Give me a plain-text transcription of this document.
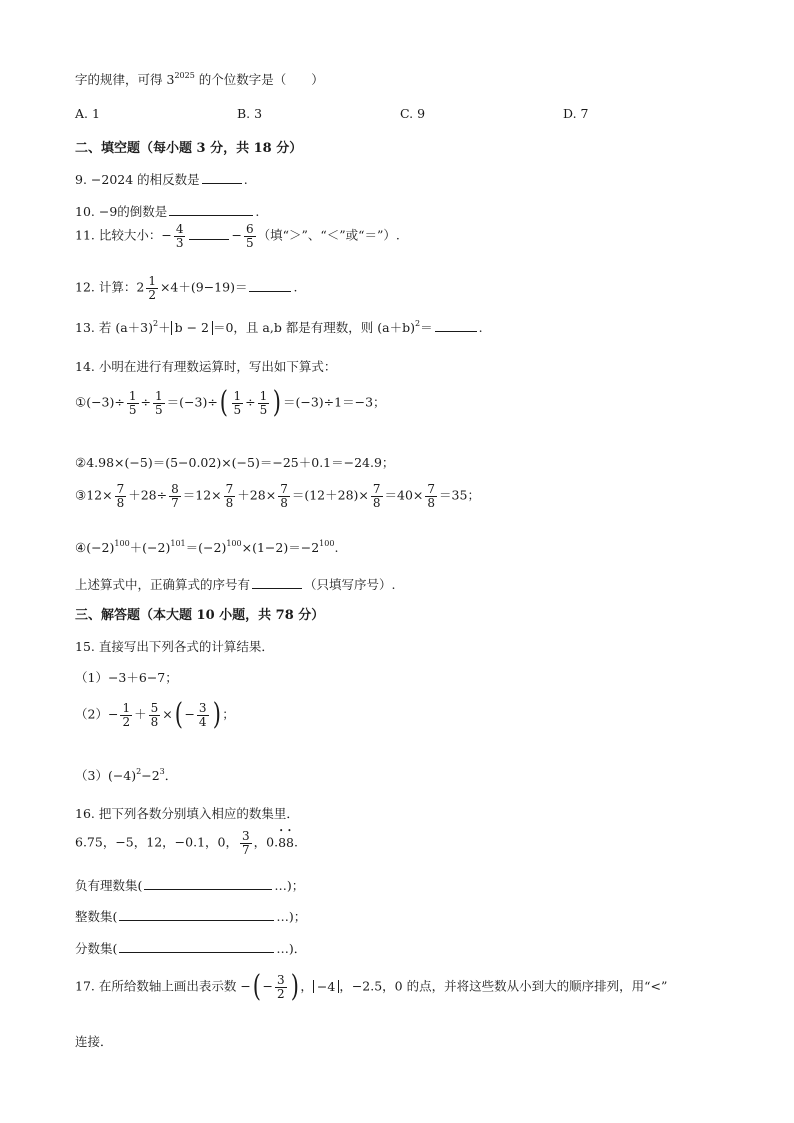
字的规律，可得 $3^{2025}$ 的个位数字是（　　）
A. 1	B. 3	C. 9	D. 7
二、填空题（每小题 3 分，共 18 分）
9. −2024 的相反数是	.
10. −9的倒数是	.
11. 比较大小：− $\frac{4}{3}$	− $\frac{6}{5}$ （填“＞”、“＜”或“＝”）.
12. 计算：$2 \frac{1}{2} \times 4+(9-19)=$	.
13. 若 $(a+3)^2+ b - 2 =0$，且 a,b 都是有理数，则 $(a+b)^2=$	.
14. 小明在进行有理数运算时，写出如下算式：
①(−3)÷ $\frac{1}{5} \div \frac{1}{5} =(-3)\div( \frac{1}{5} \div \frac{1}{5}$ ) ＝(−3)÷1＝−3；
②4.98×(−5)＝(5−0.02)×(−5)＝−25＋0.1＝−24.9；
③12× $\frac{7}{8} +28\div \frac{8}{7} =12\times \frac{7}{8} +28\times \frac{7}{8} =(12+28)\times \frac{7}{8} =40\times \frac{7}{8} =35$；
$④(-2)^{100}+(-2)^{101}=(-2)^{100}\times(1-2)=-2^{100}$.
上述算式中，正确算式的序号有	（只填写序号）.
三、解答题（本大题 10 小题，共 78 分）
15. 直接写出下列各式的计算结果．
（1）−3＋6−7；
$(2)- \frac{1}{2} + \frac{5}{8}$ ×( − $\frac{3}{4}$ ) ；
$(3)(-4)^2-2^3$．
16. 把下列各数分别填入相应的数集里．
6.75，−5，12，−0.1，0， $\frac{3}{7}$ ，0.• • 88.
负有理数集(	…)；
整数集(	…)；
分数集(	…)．
17. 在所给数轴上画出表示数 −( − $\frac{3}{2}$ ) ， −4 ，−2.5，0 的点，并将这些数从小到大的顺序排列，用“<”
连接．
